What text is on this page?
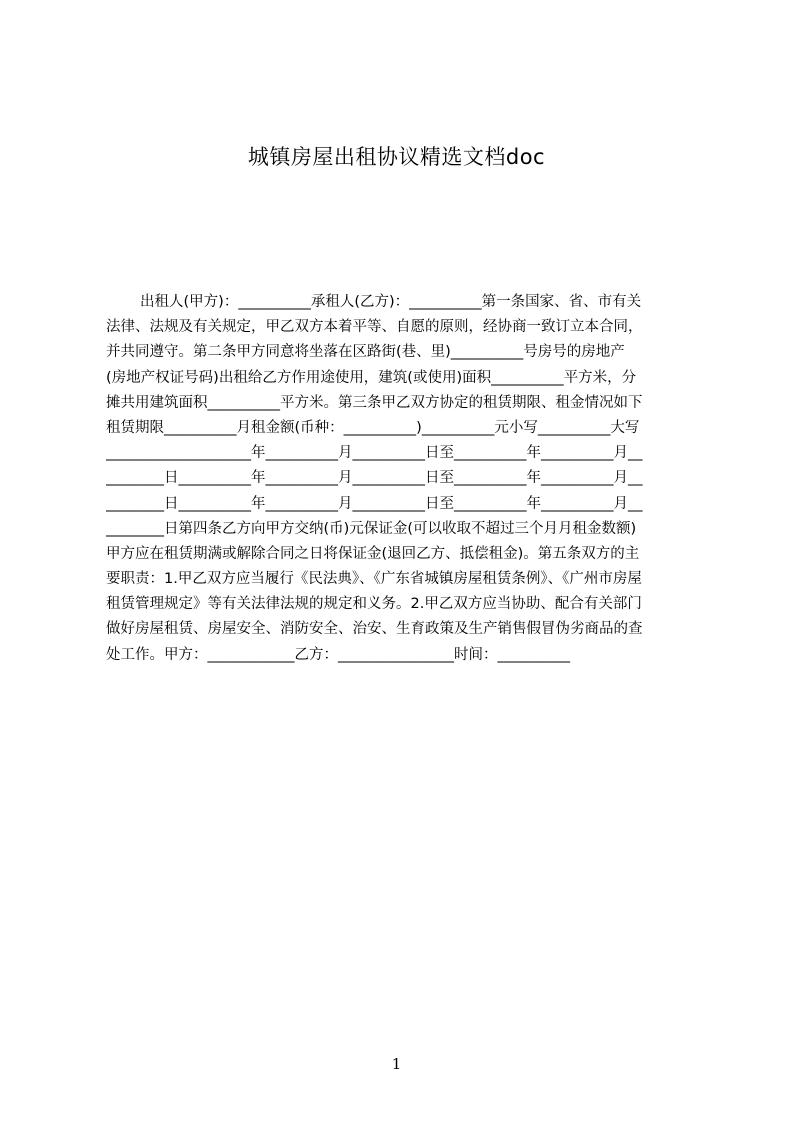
城镇房屋出租协议精选文档doc
出租人(甲方)：__________承租人(乙方)：__________第一条国家、省、市有关
法律、法规及有关规定，甲乙双方本着平等、自愿的原则，经协商一致订立本合同，
并共同遵守。第二条甲方同意将坐落在区路街(巷、里)__________号房号的房地产
(房地产权证号码)出租给乙方作用途使用，建筑(或使用)面积__________平方米，分
摊共用建筑面积__________平方米。第三条甲乙双方协定的租赁期限、租金情况如下
租赁期限__________月租金额(币种：__________)__________元小写__________大写
____________________年__________月__________日至__________年__________月__
________日__________年__________月__________日至__________年__________月__
________日__________年__________月__________日至__________年__________月__
________日第四条乙方向甲方交纳(币)元保证金(可以收取不超过三个月月租金数额)
甲方应在租赁期满或解除合同之日将保证金(退回乙方、抵偿租金)。第五条双方的主
要职责：1.甲乙双方应当履行《民法典》、《广东省城镇房屋租赁条例》、《广州市房屋
租赁管理规定》等有关法律法规的规定和义务。2.甲乙双方应当协助、配合有关部门
做好房屋租赁、房屋安全、消防安全、治安、生育政策及生产销售假冒伪劣商品的查
处工作。甲方：____________乙方：________________时间：__________
1
